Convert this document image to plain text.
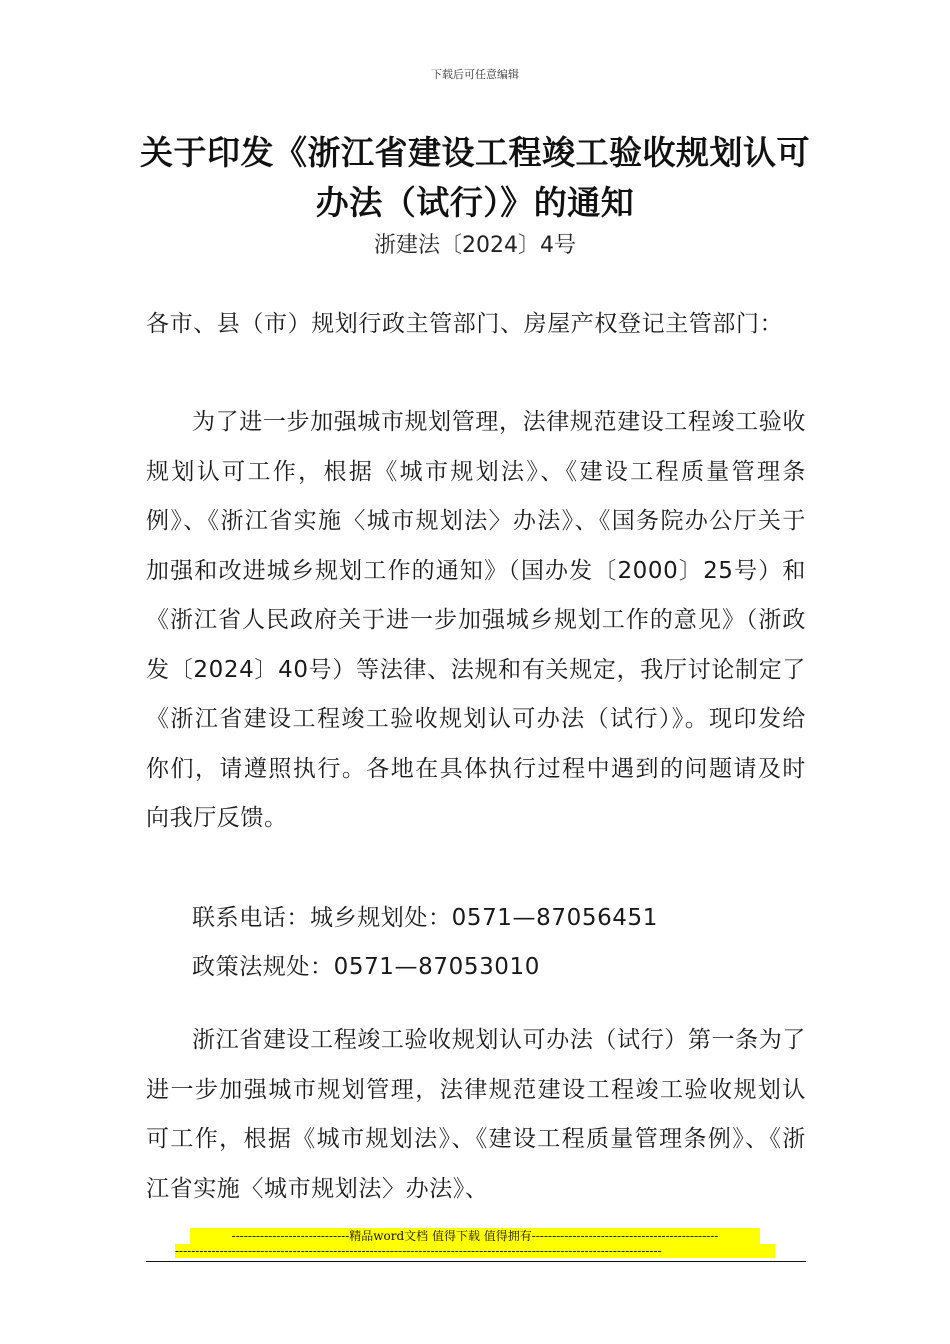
下载后可任意编辑
关于印发《浙江省建设工程竣工验收规划认可办法（试行）》的通知
浙建法〔2024〕4号

各市、县（市）规划行政主管部门、房屋产权登记主管部门：

为了进一步加强城市规划管理，法律规范建设工程竣工验收规划认可工作，根据《城市规划法》、《建设工程质量管理条例》、《浙江省实施〈城市规划法〉办法》、《国务院办公厅关于加强和改进城乡规划工作的通知》（国办发〔2000〕25号）和《浙江省人民政府关于进一步加强城乡规划工作的意见》（浙政发〔2024〕40号）等法律、法规和有关规定，我厅讨论制定了《浙江省建设工程竣工验收规划认可办法（试行）》。现印发给你们，请遵照执行。各地在具体执行过程中遇到的问题请及时向我厅反馈。

联系电话：城乡规划处：0571—87056451

政策法规处：0571—87053010

浙江省建设工程竣工验收规划认可办法（试行）第一条为了进一步加强城市规划管理，法律规范建设工程竣工验收规划认可工作，根据《城市规划法》、《建设工程质量管理条例》、《浙江省实施〈城市规划法〉办法》、

-----------------------------精品word文档 值得下载 值得拥有----------------------------------------------
------------------------------------------------------------------------------------------------------------------------
